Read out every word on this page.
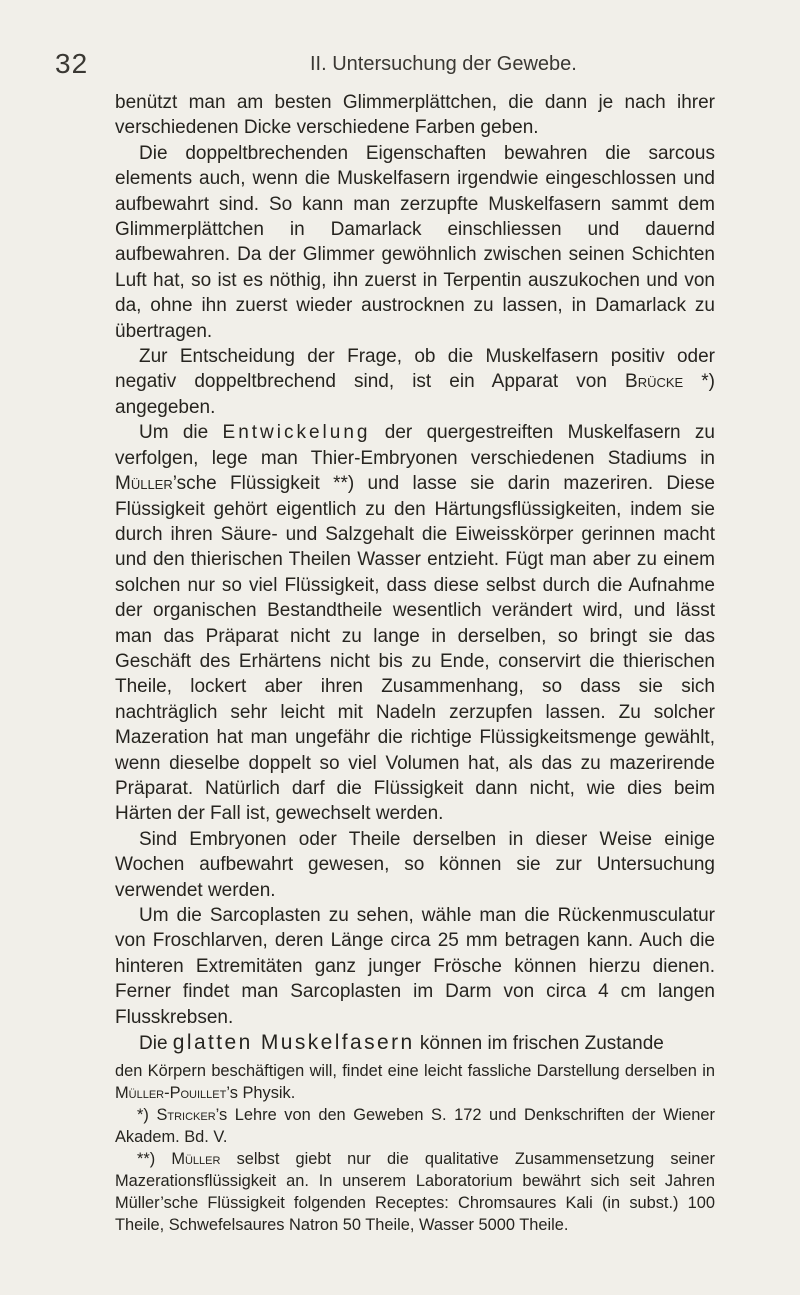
32	II. Untersuchung der Gewebe.

benützt man am besten Glimmerplättchen, die dann je nach ihrer verschiedenen Dicke verschiedene Farben geben.

Die doppeltbrechenden Eigenschaften bewahren die sarcous elements auch, wenn die Muskelfasern irgendwie eingeschlossen und aufbewahrt sind. So kann man zerzupfte Muskelfasern sammt dem Glimmerplättchen in Damarlack einschliessen und dauernd aufbewahren. Da der Glimmer gewöhnlich zwischen seinen Schichten Luft hat, so ist es nöthig, ihn zuerst in Terpentin auszukochen und von da, ohne ihn zuerst wieder austrocknen zu lassen, in Damarlack zu übertragen.

Zur Entscheidung der Frage, ob die Muskelfasern positiv oder negativ doppeltbrechend sind, ist ein Apparat von Brücke *) angegeben.

Um die Entwickelung der quergestreiften Muskelfasern zu verfolgen, lege man Thier-Embryonen verschiedenen Stadiums in Müller’sche Flüssigkeit **) und lasse sie darin mazeriren. Diese Flüssigkeit gehört eigentlich zu den Härtungsflüssigkeiten, indem sie durch ihren Säure- und Salzgehalt die Eiweisskörper gerinnen macht und den thierischen Theilen Wasser entzieht. Fügt man aber zu einem solchen nur so viel Flüssigkeit, dass diese selbst durch die Aufnahme der organischen Bestandtheile wesentlich verändert wird, und lässt man das Präparat nicht zu lange in derselben, so bringt sie das Geschäft des Erhärtens nicht bis zu Ende, conservirt die thierischen Theile, lockert aber ihren Zusammenhang, so dass sie sich nachträglich sehr leicht mit Nadeln zerzupfen lassen. Zu solcher Mazeration hat man ungefähr die richtige Flüssigkeitsmenge gewählt, wenn dieselbe doppelt so viel Volumen hat, als das zu mazerirende Präparat. Natürlich darf die Flüssigkeit dann nicht, wie dies beim Härten der Fall ist, gewechselt werden.

Sind Embryonen oder Theile derselben in dieser Weise einige Wochen aufbewahrt gewesen, so können sie zur Untersuchung verwendet werden.

Um die Sarcoplasten zu sehen, wähle man die Rückenmusculatur von Froschlarven, deren Länge circa 25 mm betragen kann. Auch die hinteren Extremitäten ganz junger Frösche können hierzu dienen. Ferner findet man Sarcoplasten im Darm von circa 4 cm langen Flusskrebsen.

Die glatten Muskelfasern können im frischen Zustande

den Körpern beschäftigen will, findet eine leicht fassliche Darstellung derselben in Müller-Pouillet’s Physik.

*) Stricker’s Lehre von den Geweben S. 172 und Denkschriften der Wiener Akadem. Bd. V.

**) Müller selbst giebt nur die qualitative Zusammensetzung seiner Mazerationsflüssigkeit an. In unserem Laboratorium bewährt sich seit Jahren Müller’sche Flüssigkeit folgenden Receptes: Chromsaures Kali (in subst.) 100 Theile, Schwefelsaures Natron 50 Theile, Wasser 5000 Theile.
